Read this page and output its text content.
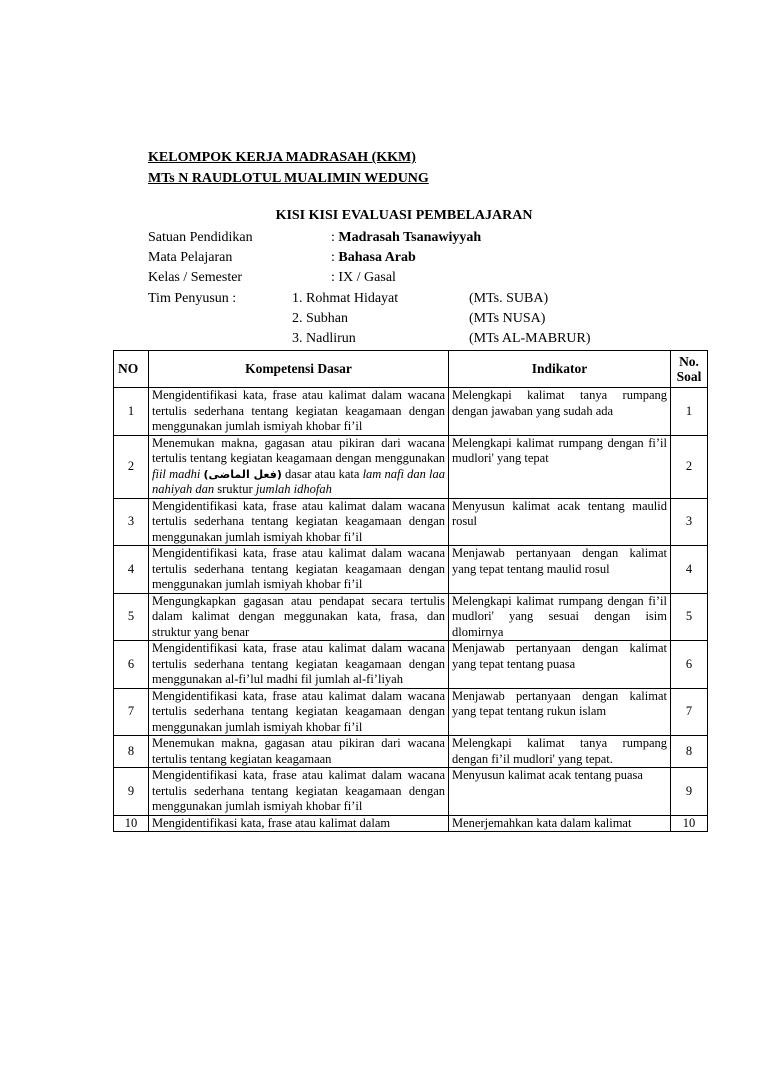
KELOMPOK KERJA MADRASAH (KKM)
MTs N RAUDLOTUL MUALIMIN WEDUNG
KISI KISI EVALUASI PEMBELAJARAN
Satuan Pendidikan	: Madrasah Tsanawiyyah
Mata Pelajaran	: Bahasa Arab
Kelas / Semester	: IX / Gasal
Tim Penyusun :	1. Rohmat Hidayat	(MTs. SUBA)
2. Subhan	(MTs NUSA)
3. Nadlirun	(MTs AL-MABRUR)
NO	Kompetensi Dasar	Indikator	No. Soal
1	Mengidentifikasi kata, frase atau kalimat dalam wacana tertulis sederhana tentang kegiatan keagamaan dengan menggunakan jumlah ismiyah khobar fi’il	Melengkapi kalimat tanya rumpang dengan jawaban yang sudah ada	1
2	Menemukan makna, gagasan atau pikiran dari wacana tertulis tentang kegiatan keagamaan dengan menggunakan fiil madhi (فعل الماضى) dasar atau kata lam nafi dan laa nahiyah dan sruktur jumlah idhofah	Melengkapi kalimat rumpang dengan fi’il mudlori' yang tepat	2
3	Mengidentifikasi kata, frase atau kalimat dalam wacana tertulis sederhana tentang kegiatan keagamaan dengan menggunakan jumlah ismiyah khobar fi’il	Menyusun kalimat acak tentang maulid rosul	3
4	Mengidentifikasi kata, frase atau kalimat dalam wacana tertulis sederhana tentang kegiatan keagamaan dengan menggunakan jumlah ismiyah khobar fi’il	Menjawab pertanyaan dengan kalimat yang tepat tentang maulid rosul	4
5	Mengungkapkan gagasan atau pendapat secara tertulis dalam kalimat dengan meggunakan kata, frasa, dan struktur yang benar	Melengkapi kalimat rumpang dengan fi’il mudlori' yang sesuai dengan isim dlomirnya	5
6	Mengidentifikasi kata, frase atau kalimat dalam wacana tertulis sederhana tentang kegiatan keagamaan dengan menggunakan al-fi’lul madhi fil jumlah al-fi’liyah	Menjawab pertanyaan dengan kalimat yang tepat tentang puasa	6
7	Mengidentifikasi kata, frase atau kalimat dalam wacana tertulis sederhana tentang kegiatan keagamaan dengan menggunakan jumlah ismiyah khobar fi’il	Menjawab pertanyaan dengan kalimat yang tepat tentang rukun islam	7
8	Menemukan makna, gagasan atau pikiran dari wacana tertulis tentang kegiatan keagamaan	Melengkapi kalimat tanya rumpang dengan fi’il mudlori' yang tepat.	8
9	Mengidentifikasi kata, frase atau kalimat dalam wacana tertulis sederhana tentang kegiatan keagamaan dengan menggunakan jumlah ismiyah khobar fi’il	Menyusun kalimat acak tentang puasa	9
10	Mengidentifikasi kata, frase atau kalimat dalam	Menerjemahkan kata dalam kalimat	10
